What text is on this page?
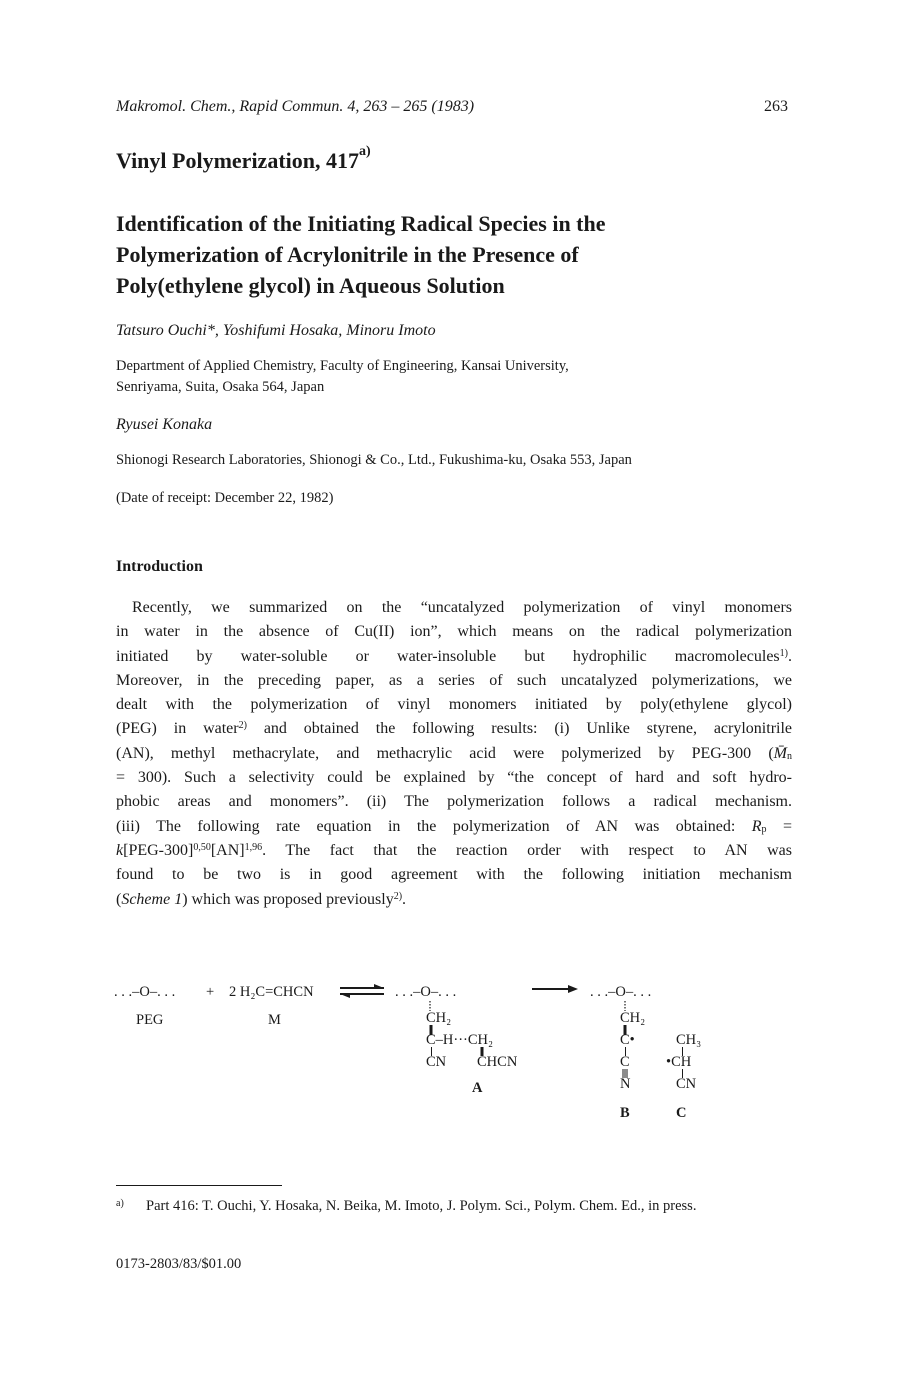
Makromol. Chem., Rapid Commun. 4, 263 – 265 (1983)	263
Vinyl Polymerization, 417$^{a)}$
Identification of the Initiating Radical Species in the
Polymerization of Acrylonitrile in the Presence of
Poly(ethylene glycol) in Aqueous Solution
Tatsuro Ouchi*, Yoshifumi Hosaka, Minoru Imoto
Department of Applied Chemistry, Faculty of Engineering, Kansai University,
Senriyama, Suita, Osaka 564, Japan
Ryusei Konaka
Shionogi Research Laboratories, Shionogi & Co., Ltd., Fukushima-ku, Osaka 553, Japan
(Date of receipt: December 22, 1982)
Introduction
Recently, we summarized on the “uncatalyzed polymerization of vinyl monomers
in water in the absence of Cu(II) ion”, which means on the radical polymerization
initiated by water-soluble or water-insoluble but hydrophilic macromolecules$^{1)}$.
Moreover, in the preceding paper, as a series of such uncatalyzed polymerizations, we
dealt with the polymerization of vinyl monomers initiated by poly(ethylene glycol)
(PEG) in water$^{2)}$ and obtained the following results: (i) Unlike styrene, acrylonitrile
(AN), methyl methacrylate, and methacrylic acid were polymerized by PEG-300 (M̄n
= 300). Such a selectivity could be explained by “the concept of hard and soft hydro-
phobic areas and monomers”. (ii) The polymerization follows a radical mechanism.
(iii) The following rate equation in the polymerization of AN was obtained: Rp =
$k[PEG-300]^{0,50}[AN]^{1,96}$. The fact that the reaction order with respect to AN was
found to be two is in good agreement with the following initiation mechanism
(Scheme 1) which was proposed previously$^{2)}$.
. . .–O–. . . + 2 H₂C=CHCN
PEG	M
⇌ . . .–O–. . .
CH₂
C–H···CH₂
CN CHCN
A
→ . . .–O–. . .
CH₂
C•
C
N
B
CH₃
•CH
CN
C
a)	Part 416: T. Ouchi, Y. Hosaka, N. Beika, M. Imoto, J. Polym. Sci., Polym. Chem. Ed., in press.
0173-2803/83/$01.00
